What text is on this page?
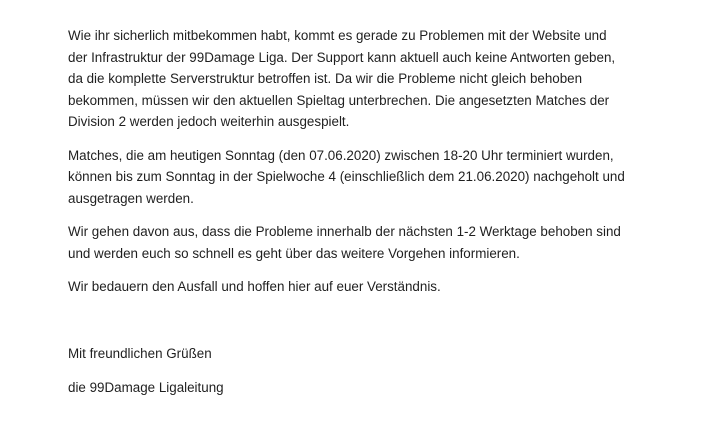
Wie ihr sicherlich mitbekommen habt, kommt es gerade zu Problemen mit der Website und

der Infrastruktur der 99Damage Liga. Der Support kann aktuell auch keine Antworten geben,

da die komplette Serverstruktur betroffen ist. Da wir die Probleme nicht gleich behoben

bekommen, müssen wir den aktuellen Spieltag unterbrechen. Die angesetzten Matches der

Division 2 werden jedoch weiterhin ausgespielt.

Matches, die am heutigen Sonntag (den 07.06.2020) zwischen 18-20 Uhr terminiert wurden,

können bis zum Sonntag in der Spielwoche 4 (einschließlich dem 21.06.2020) nachgeholt und

ausgetragen werden.

Wir gehen davon aus, dass die Probleme innerhalb der nächsten 1-2 Werktage behoben sind

und werden euch so schnell es geht über das weitere Vorgehen informieren.

Wir bedauern den Ausfall und hoffen hier auf euer Verständnis.

Mit freundlichen Grüßen
die 99Damage Ligaleitung
